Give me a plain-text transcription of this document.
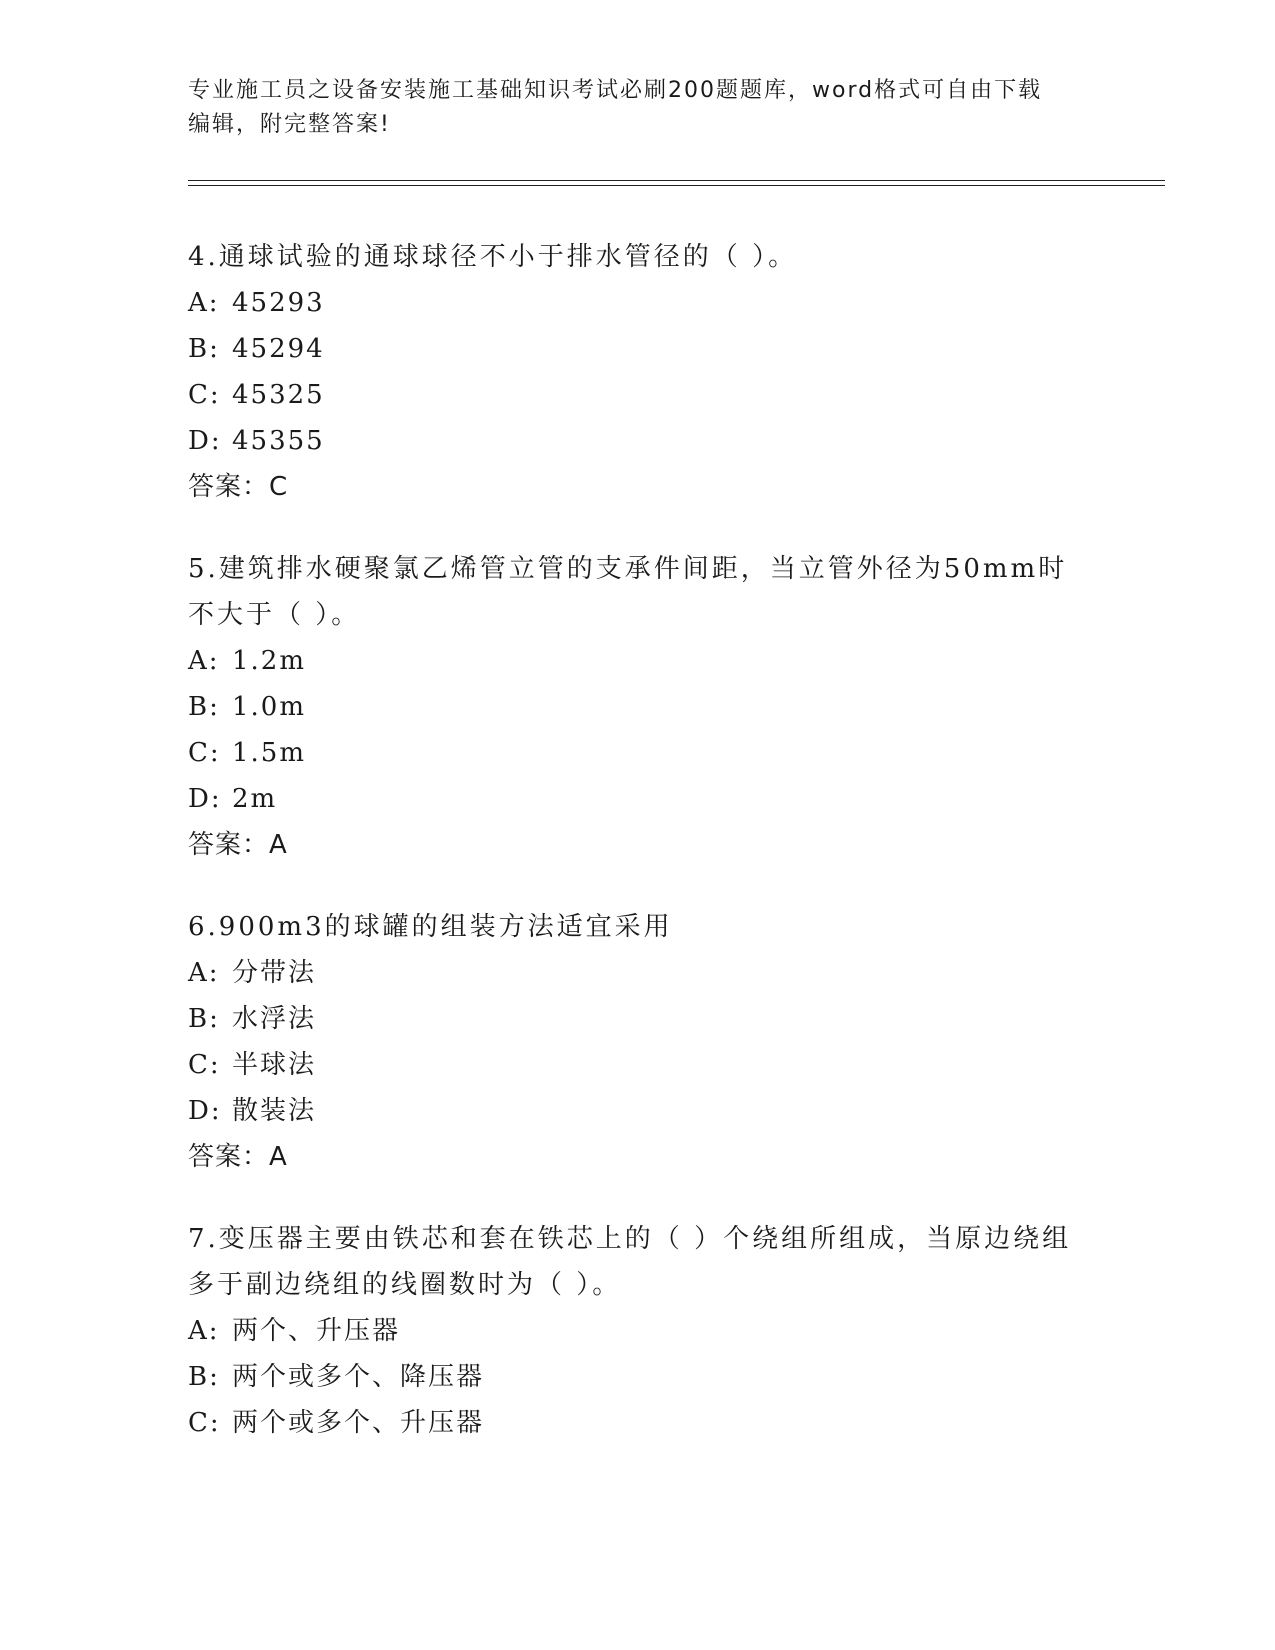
专业施工员之设备安装施工基础知识考试必刷200题题库，word格式可自由下载
编辑，附完整答案!
4.通球试验的通球球径不小于排水管径的（ ）。
A: 45293
B: 45294
C: 45325
D: 45355
答案：C
5.建筑排水硬聚氯乙烯管立管的支承件间距，当立管外径为50mm时不大于（ ）。
A: 1.2m
B: 1.0m
C: 1.5m
D: 2m
答案：A
6.900m3的球罐的组装方法适宜采用
A: 分带法
B: 水浮法
C: 半球法
D: 散装法
答案：A
7.变压器主要由铁芯和套在铁芯上的（ ）个绕组所组成，当原边绕组多于副边绕组的线圈数时为（ ）。
A: 两个、升压器
B: 两个或多个、降压器
C: 两个或多个、升压器
